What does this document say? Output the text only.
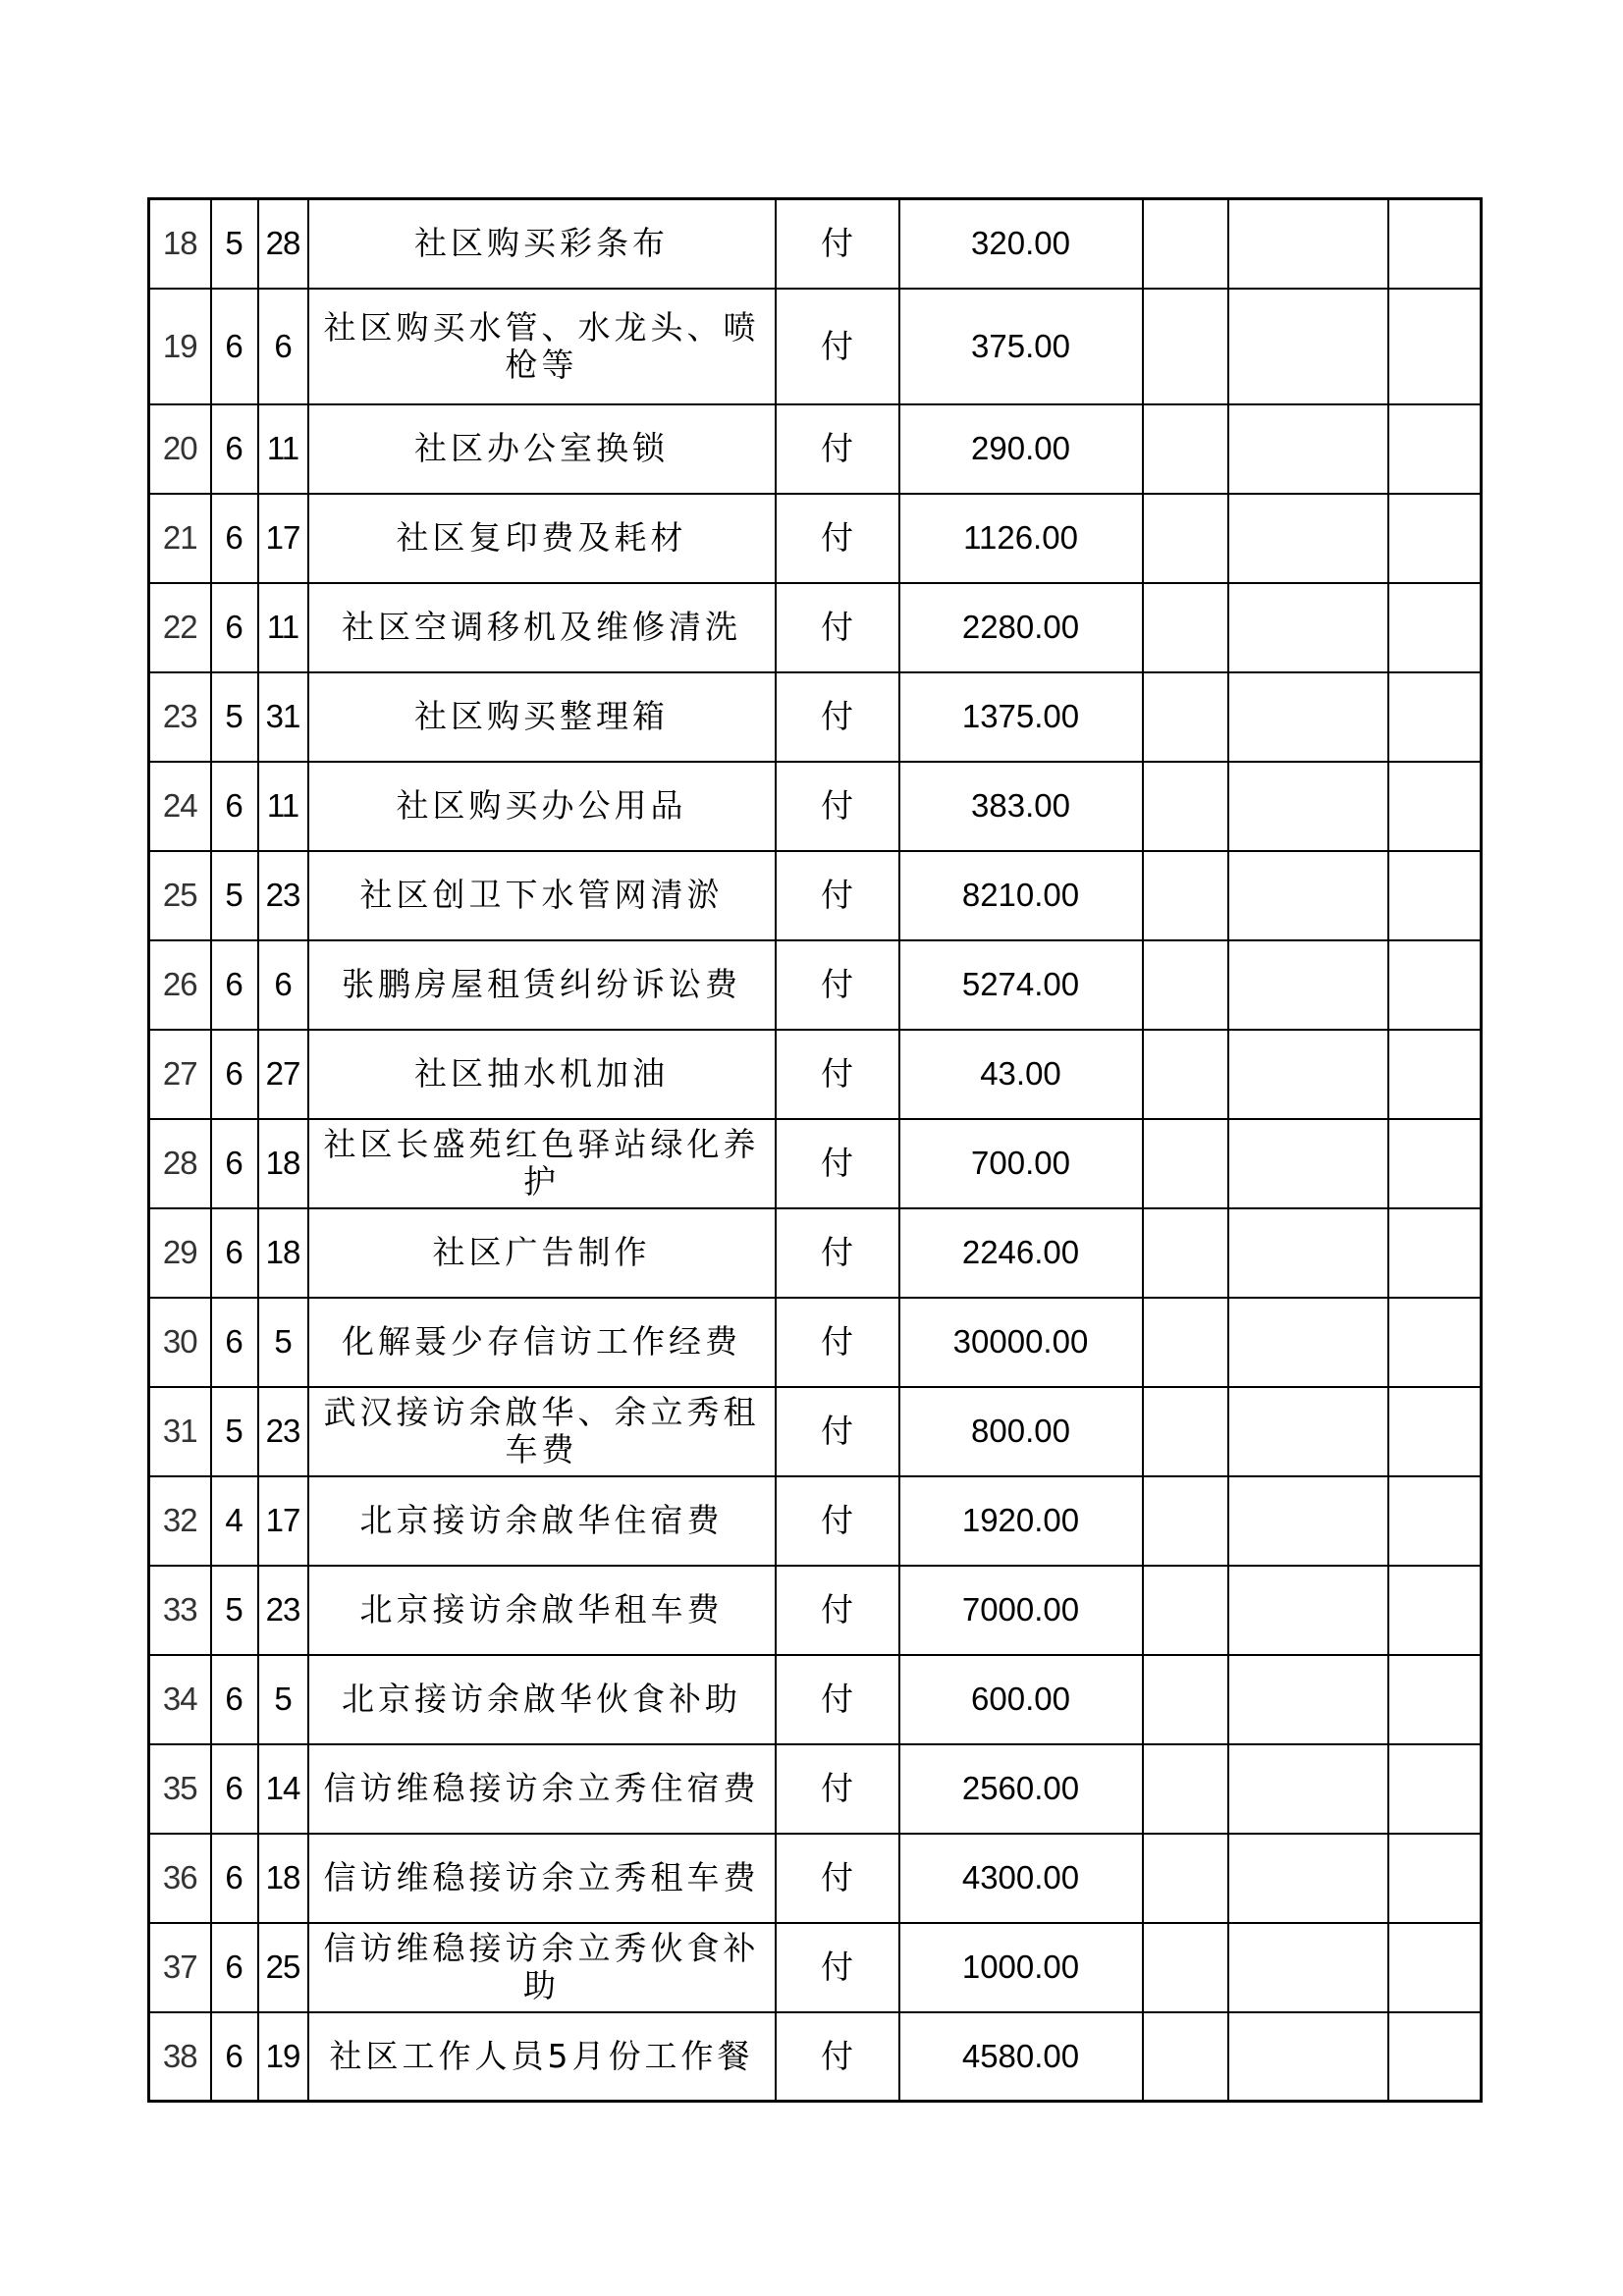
18	5	28	社区购买彩条布	付	320.00			
19	6	6	社区购买水管、水龙头、喷枪等	付	375.00			
20	6	11	社区办公室换锁	付	290.00			
21	6	17	社区复印费及耗材	付	1126.00			
22	6	11	社区空调移机及维修清洗	付	2280.00			
23	5	31	社区购买整理箱	付	1375.00			
24	6	11	社区购买办公用品	付	383.00			
25	5	23	社区创卫下水管网清淤	付	8210.00			
26	6	6	张鹏房屋租赁纠纷诉讼费	付	5274.00			
27	6	27	社区抽水机加油	付	43.00			
28	6	18	社区长盛苑红色驿站绿化养护	付	700.00			
29	6	18	社区广告制作	付	2246.00			
30	6	5	化解聂少存信访工作经费	付	30000.00			
31	5	23	武汉接访余啟华、余立秀租车费	付	800.00			
32	4	17	北京接访余啟华住宿费	付	1920.00			
33	5	23	北京接访余啟华租车费	付	7000.00			
34	6	5	北京接访余啟华伙食补助	付	600.00			
35	6	14	信访维稳接访余立秀住宿费	付	2560.00			
36	6	18	信访维稳接访余立秀租车费	付	4300.00			
37	6	25	信访维稳接访余立秀伙食补助	付	1000.00			
38	6	19	社区工作人员5月份工作餐	付	4580.00			
